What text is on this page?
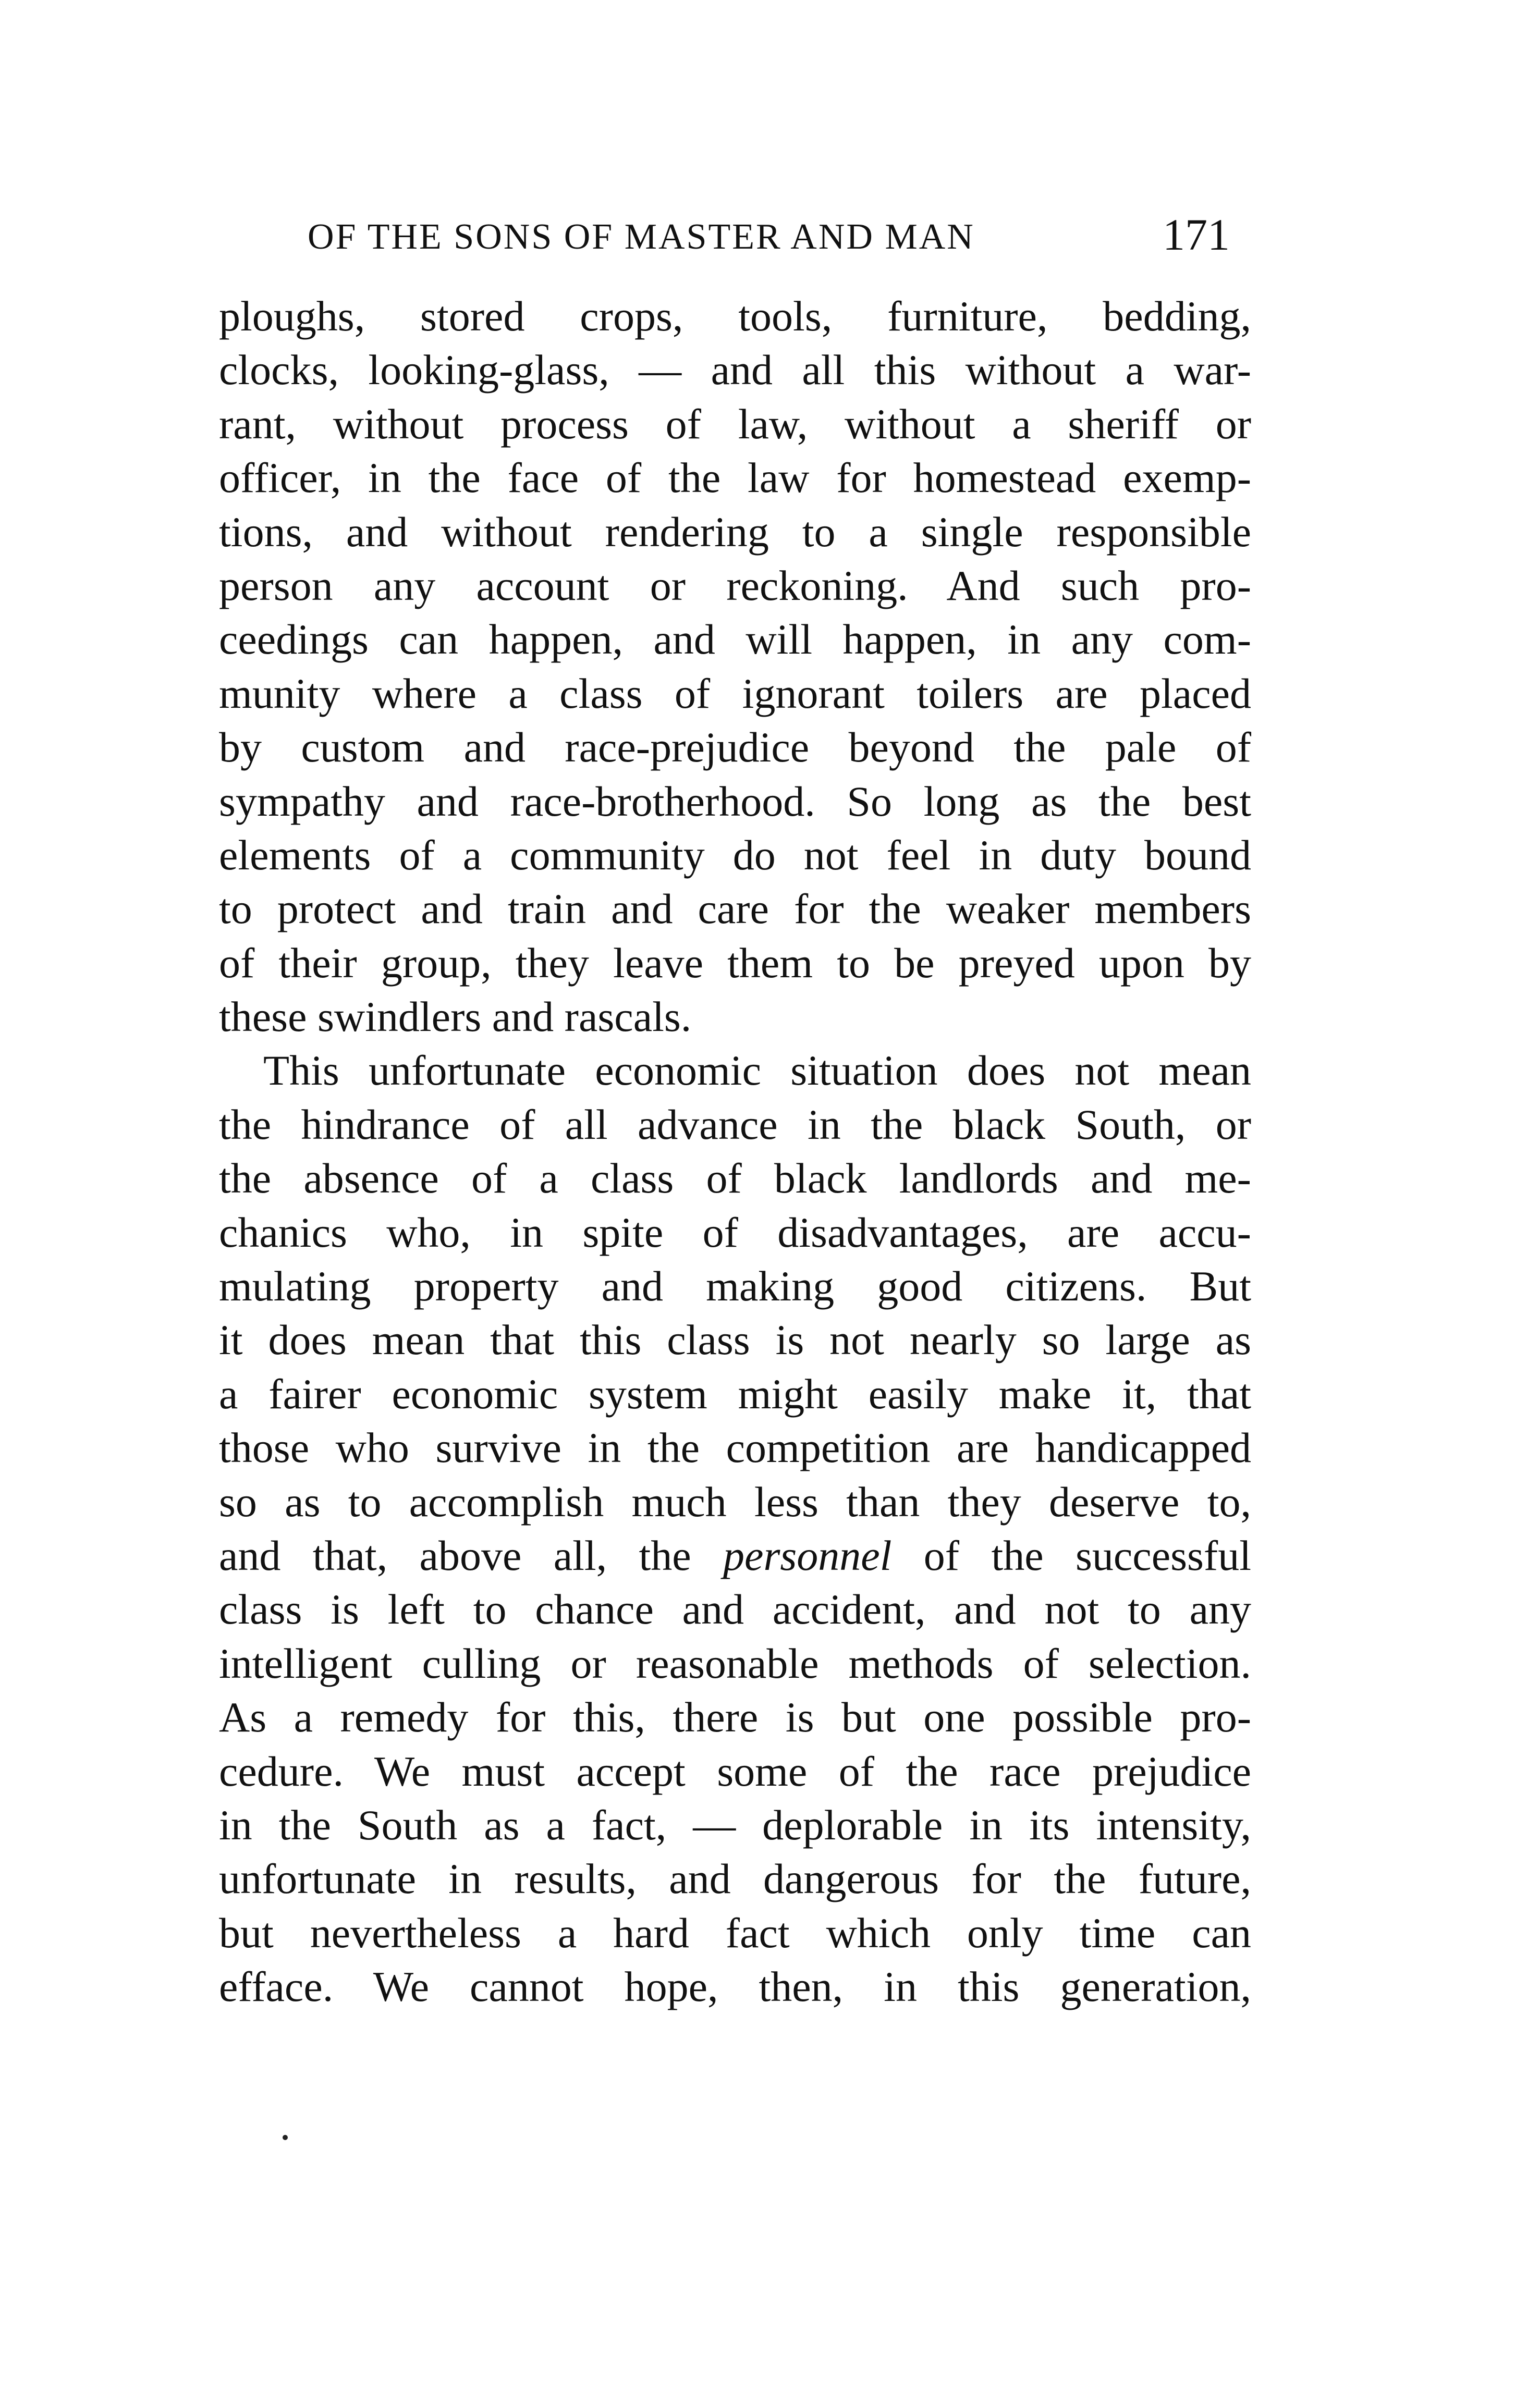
OF THE SONS OF MASTER AND MAN	171
ploughs, stored crops, tools, furniture, bedding,
clocks, looking-glass, — and all this without a war-
rant, without process of law, without a sheriff or
officer, in the face of the law for homestead exemp-
tions, and without rendering to a single responsible
person any account or reckoning. And such pro-
ceedings can happen, and will happen, in any com-
munity where a class of ignorant toilers are placed
by custom and race-prejudice beyond the pale of
sympathy and race-brotherhood. So long as the best
elements of a community do not feel in duty bound
to protect and train and care for the weaker members
of their group, they leave them to be preyed upon by
these swindlers and rascals.
This unfortunate economic situation does not mean
the hindrance of all advance in the black South, or
the absence of a class of black landlords and me-
chanics who, in spite of disadvantages, are accu-
mulating property and making good citizens. But
it does mean that this class is not nearly so large as
a fairer economic system might easily make it, that
those who survive in the competition are handicapped
so as to accomplish much less than they deserve to,
and that, above all, the personnel of the successful
class is left to chance and accident, and not to any
intelligent culling or reasonable methods of selection.
As a remedy for this, there is but one possible pro-
cedure. We must accept some of the race prejudice
in the South as a fact, — deplorable in its intensity,
unfortunate in results, and dangerous for the future,
but nevertheless a hard fact which only time can
efface. We cannot hope, then, in this generation,
